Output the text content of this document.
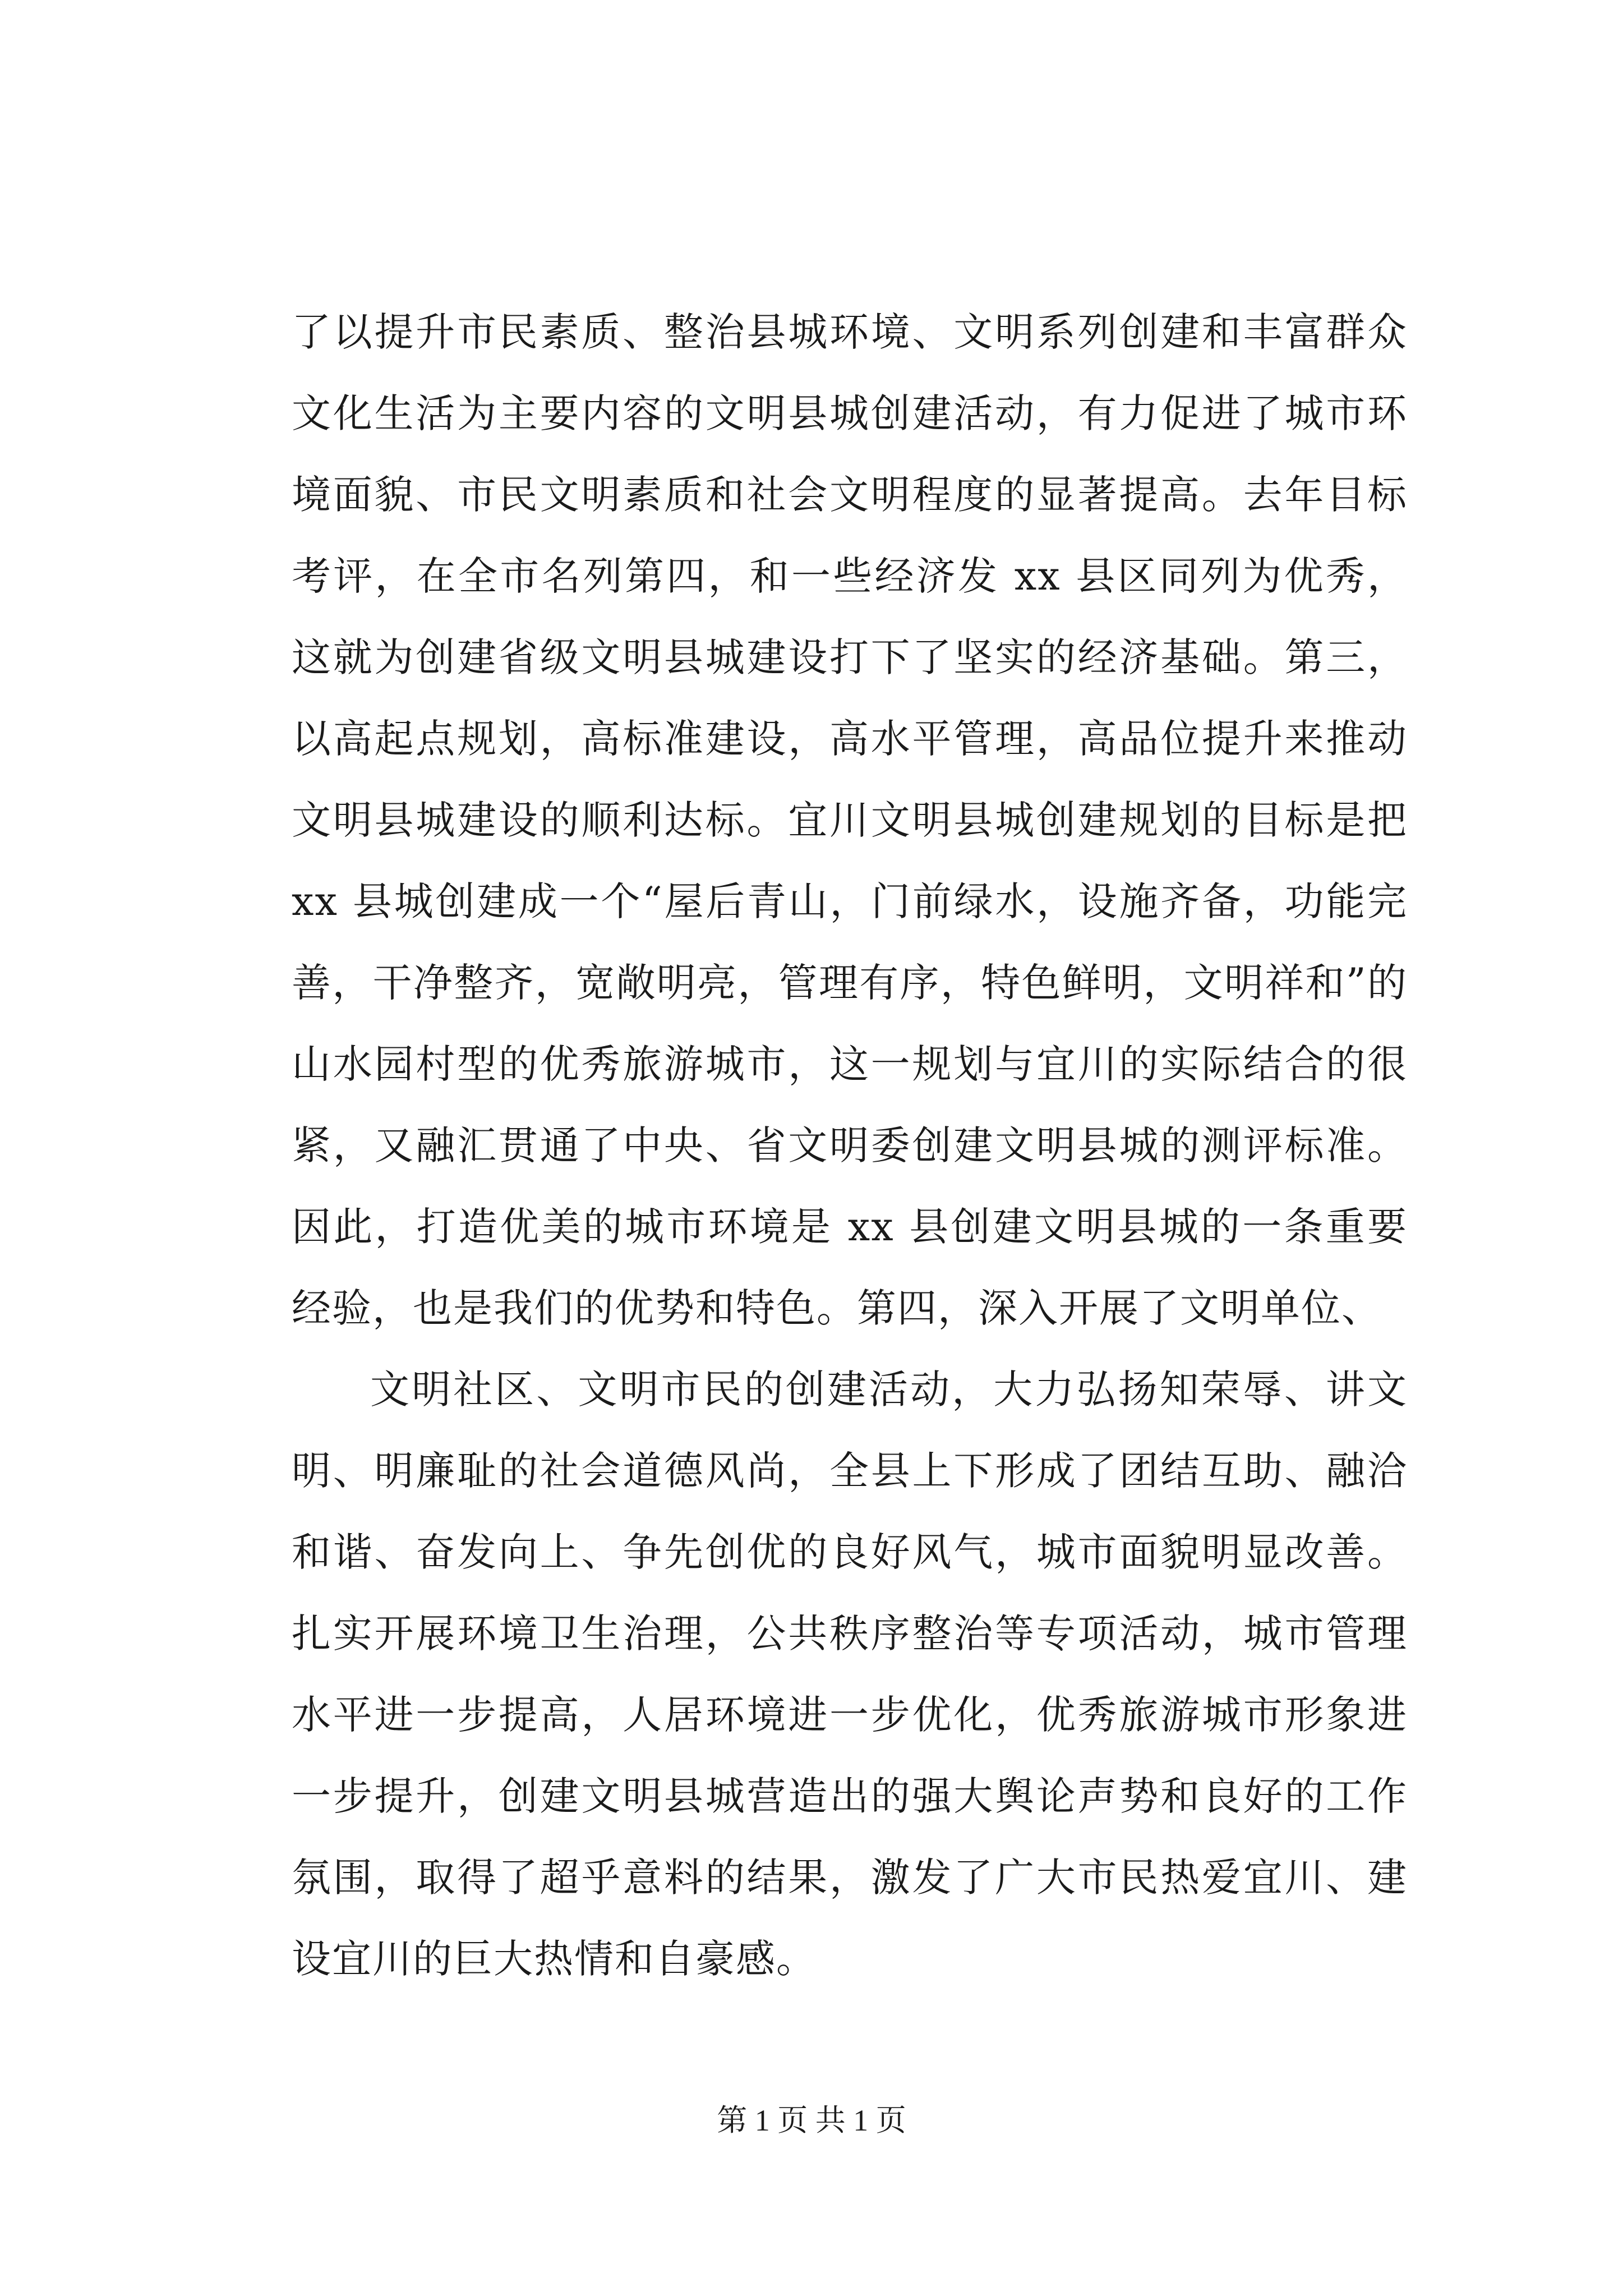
了以提升市民素质、整治县城环境、文明系列创建和丰富群众文化生活为主要内容的文明县城创建活动，有力促进了城市环境面貌、市民文明素质和社会文明程度的显著提高。去年目标考评，在全市名列第四，和一些经济发 xx 县区同列为优秀，这就为创建省级文明县城建设打下了坚实的经济基础。第三，以高起点规划，高标准建设，高水平管理，高品位提升来推动文明县城建设的顺利达标。宜川文明县城创建规划的目标是把 xx 县城创建成一个“屋后青山，门前绿水，设施齐备，功能完善，干净整齐，宽敞明亮，管理有序，特色鲜明，文明祥和”的山水园村型的优秀旅游城市，这一规划与宜川的实际结合的很紧，又融汇贯通了中央、省文明委创建文明县城的测评标准。因此，打造优美的城市环境是 xx 县创建文明县城的一条重要经验，也是我们的优势和特色。第四，深入开展了文明单位、

文明社区、文明市民的创建活动，大力弘扬知荣辱、讲文明、明廉耻的社会道德风尚，全县上下形成了团结互助、融洽和谐、奋发向上、争先创优的良好风气，城市面貌明显改善。扎实开展环境卫生治理，公共秩序整治等专项活动，城市管理水平进一步提高，人居环境进一步优化，优秀旅游城市形象进一步提升，创建文明县城营造出的强大舆论声势和良好的工作氛围，取得了超乎意料的结果，激发了广大市民热爱宜川、建设宜川的巨大热情和自豪感。

第 1 页 共 1 页
